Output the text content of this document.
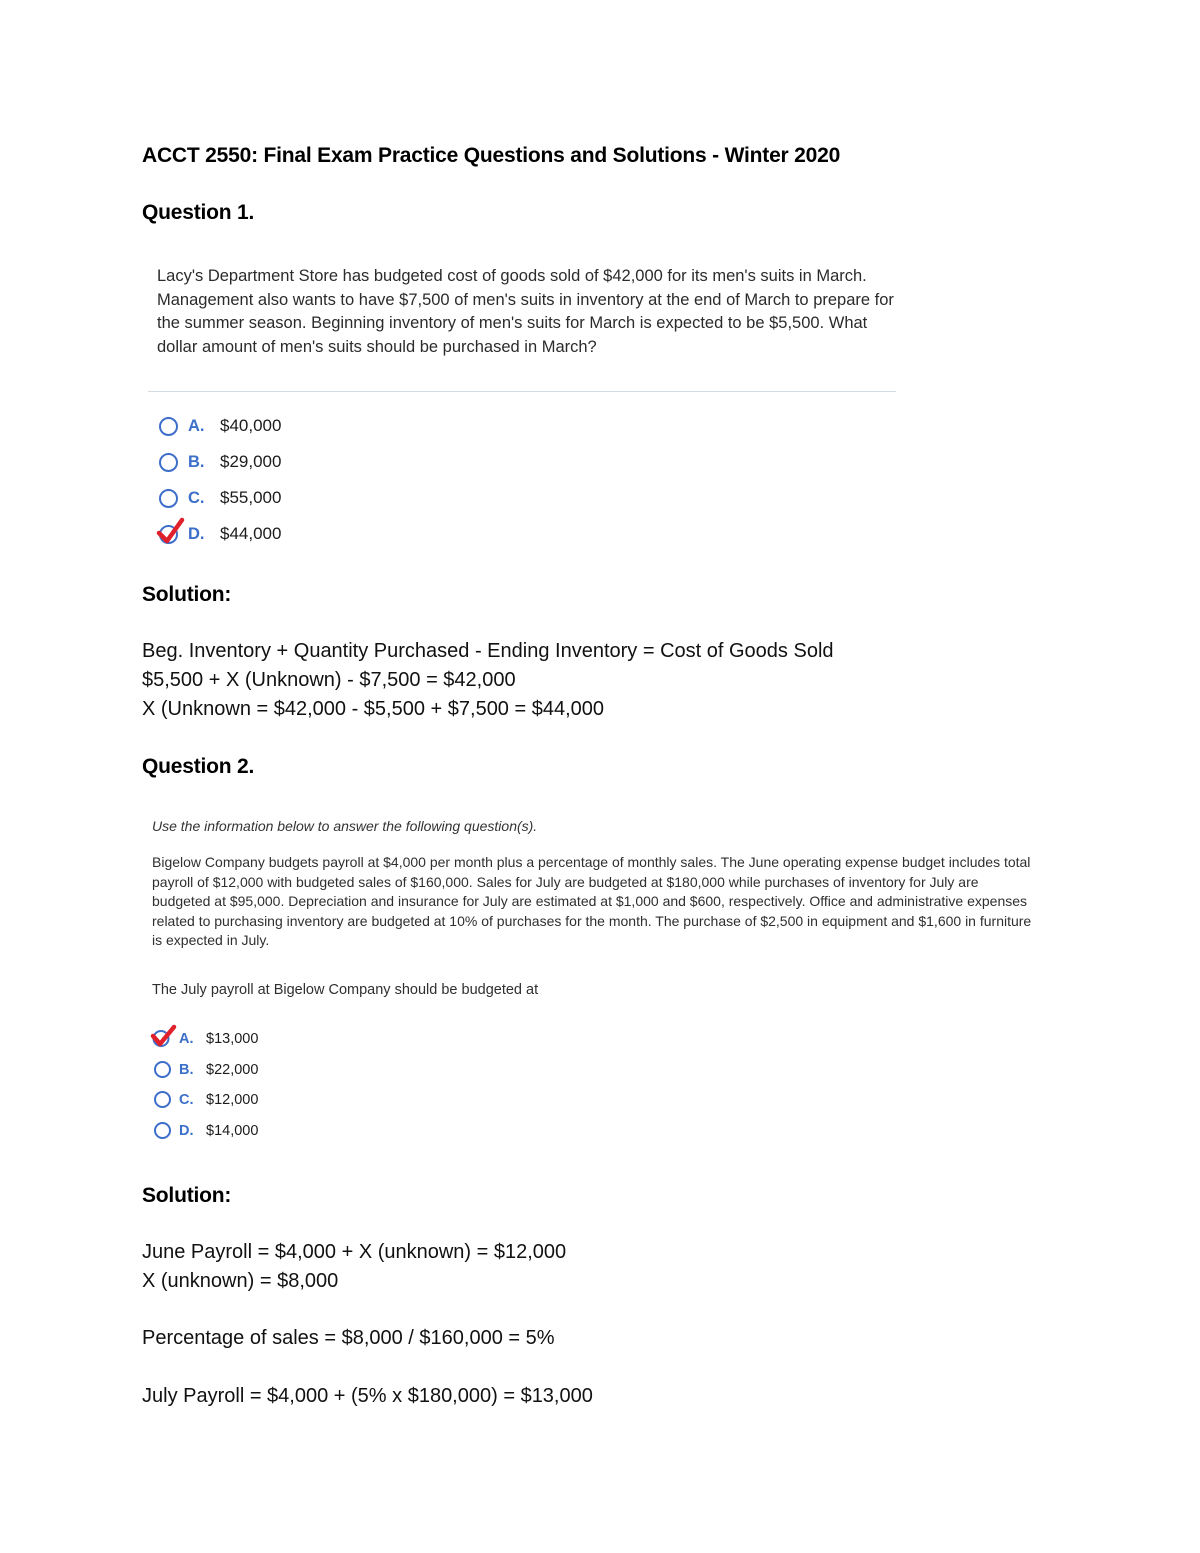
ACCT 2550: Final Exam Practice Questions and Solutions - Winter 2020
Question 1.
Lacy's Department Store has budgeted cost of goods sold of $42,000 for its men's suits in March. Management also wants to have $7,500 of men's suits in inventory at the end of March to prepare for the summer season. Beginning inventory of men's suits for March is expected to be $5,500. What dollar amount of men's suits should be purchased in March?
A. $40,000
B. $29,000
C. $55,000
D. $44,000
Solution:
Beg. Inventory + Quantity Purchased - Ending Inventory = Cost of Goods Sold
$5,500 + X (Unknown) - $7,500 = $42,000
X (Unknown = $42,000 - $5,500 + $7,500 = $44,000
Question 2.
Use the information below to answer the following question(s).
Bigelow Company budgets payroll at $4,000 per month plus a percentage of monthly sales. The June operating expense budget includes total payroll of $12,000 with budgeted sales of $160,000. Sales for July are budgeted at $180,000 while purchases of inventory for July are budgeted at $95,000. Depreciation and insurance for July are estimated at $1,000 and $600, respectively. Office and administrative expenses related to purchasing inventory are budgeted at 10% of purchases for the month. The purchase of $2,500 in equipment and $1,600 in furniture is expected in July.
The July payroll at Bigelow Company should be budgeted at
A. $13,000
B. $22,000
C. $12,000
D. $14,000
Solution:
June Payroll = $4,000 + X (unknown) = $12,000
X (unknown) = $8,000
Percentage of sales = $8,000 / $160,000 = 5%
July Payroll = $4,000 + (5% x $180,000) = $13,000
